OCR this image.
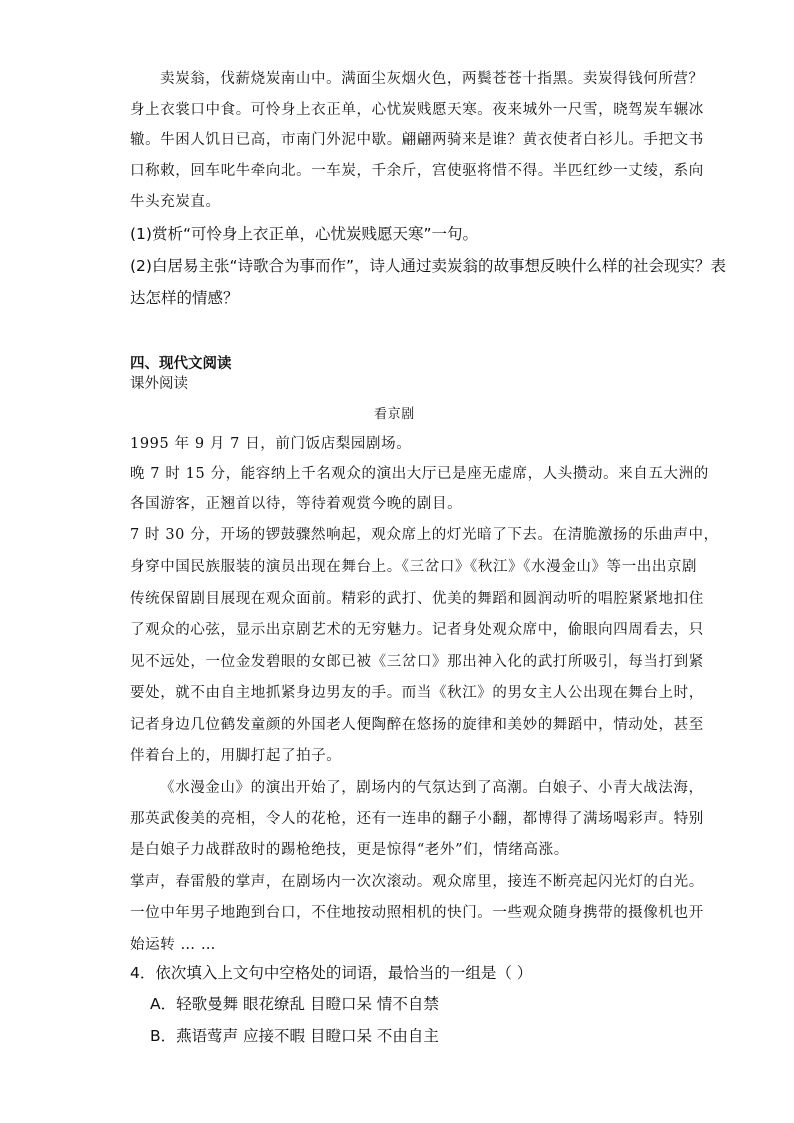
卖炭翁，伐薪烧炭南山中。满面尘灰烟火色，两鬓苍苍十指黑。卖炭得钱何所营？
身上衣裳口中食。可怜身上衣正单，心忧炭贱愿天寒。夜来城外一尺雪，晓驾炭车辗冰
辙。牛困人饥日已高，市南门外泥中歇。翩翩两骑来是谁？黄衣使者白衫儿。手把文书
口称敕，回车叱牛牵向北。一车炭，千余斤，宫使驱将惜不得。半匹红纱一丈绫，系向
牛头充炭直。
(1)赏析“可怜身上衣正单，心忧炭贱愿天寒”一句。
(2)白居易主张“诗歌合为事而作”，诗人通过卖炭翁的故事想反映什么样的社会现实？表
达怎样的情感？
四、现代文阅读
课外阅读
看京剧
1995 年 9 月 7 日，前门饭店梨园剧场。
晚 7 时 15 分，能容纳上千名观众的演出大厅已是座无虚席，人头攒动。来自五大洲的
各国游客，正翘首以待，等待着观赏今晚的剧目。
7 时 30 分，开场的锣鼓骤然响起，观众席上的灯光暗了下去。在清脆激扬的乐曲声中，
身穿中国民族服装的演员出现在舞台上。《三岔口》《秋江》《水漫金山》等一出出京剧
传统保留剧目展现在观众面前。精彩的武打、优美的舞蹈和圆润动听的唱腔紧紧地扣住
了观众的心弦，显示出京剧艺术的无穷魅力。记者身处观众席中，偷眼向四周看去，只
见不远处，一位金发碧眼的女郎已被《三岔口》那出神入化的武打所吸引，每当打到紧
要处，就不由自主地抓紧身边男友的手。而当《秋江》的男女主人公出现在舞台上时，
记者身边几位鹤发童颜的外国老人便陶醉在悠扬的旋律和美妙的舞蹈中，情动处，甚至
伴着台上的，用脚打起了拍子。
《水漫金山》的演出开始了，剧场内的气氛达到了高潮。白娘子、小青大战法海，
那英武俊美的亮相，令人的花枪，还有一连串的翻子小翻，都博得了满场喝彩声。特别
是白娘子力战群敌时的踢枪绝技，更是惊得“老外”们，情绪高涨。
掌声，春雷般的掌声，在剧场内一次次滚动。观众席里，接连不断亮起闪光灯的白光。
一位中年男子地跑到台口，不住地按动照相机的快门。一些观众随身携带的摄像机也开
始运转 … …
4．依次填入上文句中空格处的词语，最恰当的一组是（ ）
A．轻歌曼舞 眼花缭乱 目瞪口呆 情不自禁
B．燕语莺声 应接不暇 目瞪口呆 不由自主
